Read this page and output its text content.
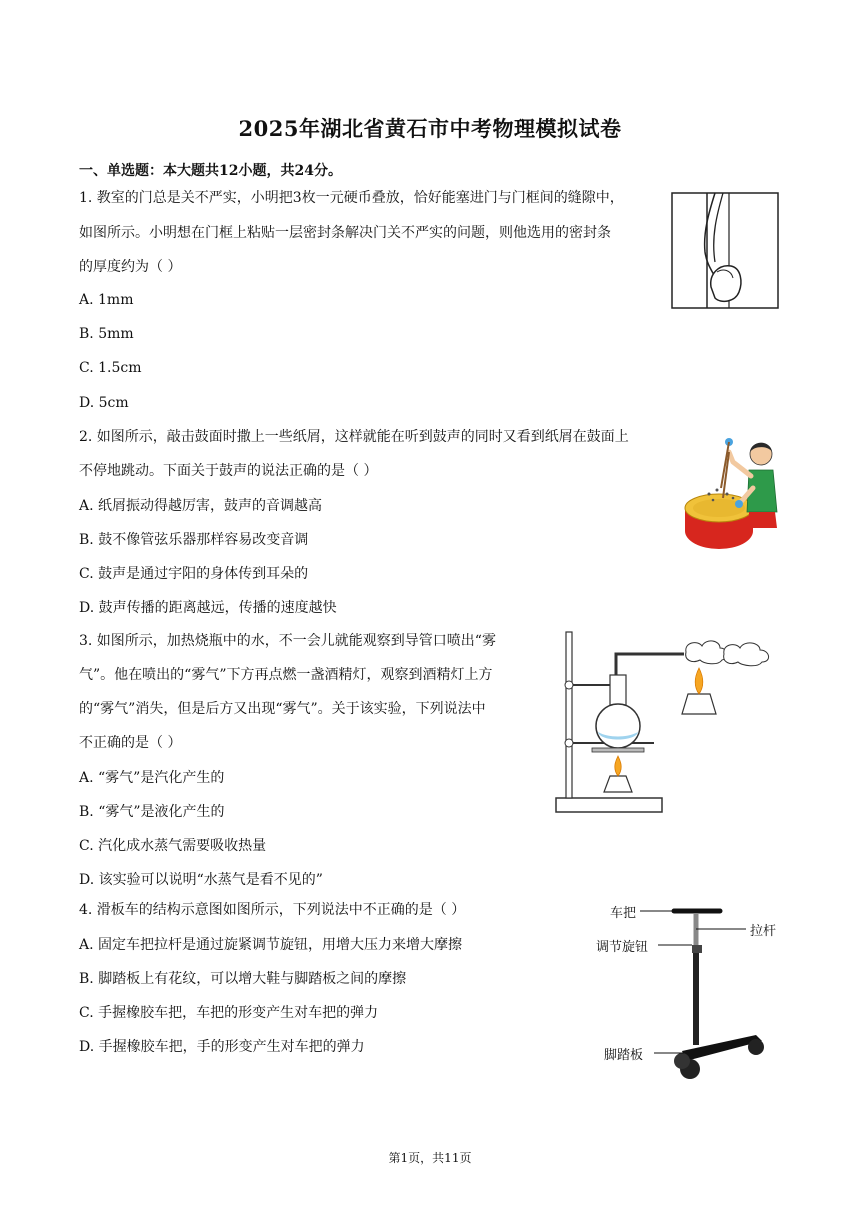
2025年湖北省黄石市中考物理模拟试卷
一、单选题：本大题共12小题，共24分。
1. 教室的门总是关不严实，小明把3枚一元硬币叠放，恰好能塞进门与门框间的缝隙中，
如图所示。小明想在门框上粘贴一层密封条解决门关不严实的问题，则他选用的密封条
的厚度约为（ ）
A. 1mm
B. 5mm
C. 1.5cm
D. 5cm
2. 如图所示，敲击鼓面时撒上一些纸屑，这样就能在听到鼓声的同时又看到纸屑在鼓面上
不停地跳动。下面关于鼓声的说法正确的是（ ）
A. 纸屑振动得越厉害，鼓声的音调越高
B. 鼓不像管弦乐器那样容易改变音调
C. 鼓声是通过宇阳的身体传到耳朵的
D. 鼓声传播的距离越远，传播的速度越快
3. 如图所示，加热烧瓶中的水，不一会儿就能观察到导管口喷出“雾
气”。他在喷出的“雾气”下方再点燃一盏酒精灯，观察到酒精灯上方
的“雾气”消失，但是后方又出现“雾气”。关于该实验，下列说法中
不正确的是（ ）
A. “雾气”是汽化产生的
B. “雾气”是液化产生的
C. 汽化成水蒸气需要吸收热量
D. 该实验可以说明“水蒸气是看不见的”
4. 滑板车的结构示意图如图所示，下列说法中不正确的是（ ）
A. 固定车把拉杆是通过旋紧调节旋钮，用增大压力来增大摩擦
B. 脚踏板上有花纹，可以增大鞋与脚踏板之间的摩擦
C. 手握橡胶车把，车把的形变产生对车把的弹力
D. 手握橡胶车把，手的形变产生对车把的弹力
车把
拉杆
调节旋钮
脚踏板
第1页，共11页
